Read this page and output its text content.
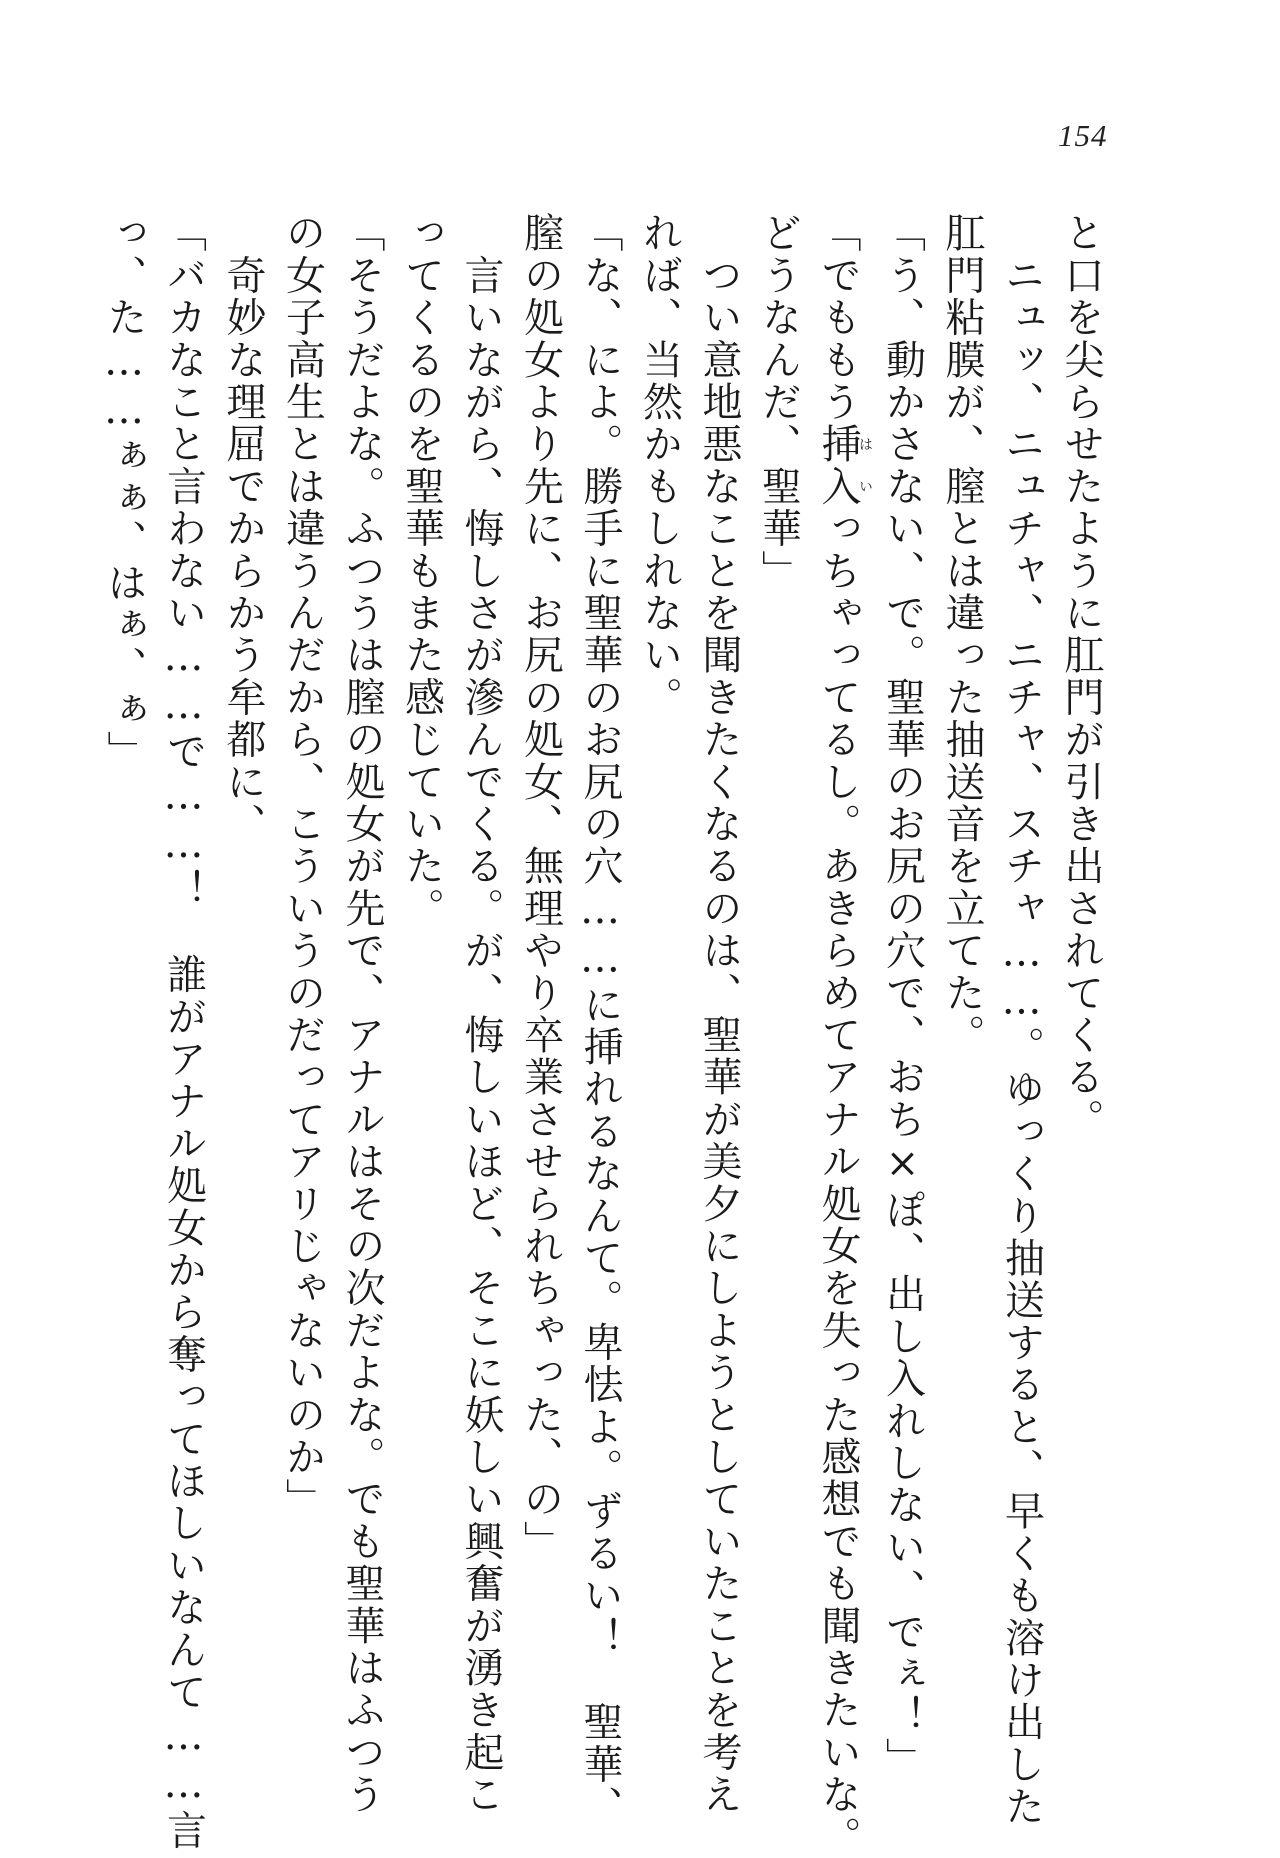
154
と口を尖らせたように肛門が引き出されてくる。
　ニュッ、ニュチャ、ニチャ、スチャ……。ゆっくり抽送すると、早くも溶け出した
肛門粘膜が、膣とは違った抽送音を立てた。
「う、動かさない、で。聖華のお尻の穴で、おち×ぽ、出し入れしない、でぇ！」
「でももう挿入はいっちゃってるし。あきらめてアナル処女を失った感想でも聞きたいな。
どうなんだ、聖華」
　つい意地悪なことを聞きたくなるのは、聖華が美夕にしようとしていたことを考え
れば、当然かもしれない。
「な、によ。勝手に聖華のお尻の穴……に挿れるなんて。卑怯よ。ずるい！　聖華、
膣の処女より先に、お尻の処女、無理やり卒業させられちゃった、の」
　言いながら、悔しさが滲んでくる。が、悔しいほど、そこに妖しい興奮が湧き起こ
ってくるのを聖華もまた感じていた。
「そうだよな。ふつうは膣の処女が先で、アナルはその次だよな。でも聖華はふつう
の女子高生とは違うんだから、こういうのだってアリじゃないのか」
　奇妙な理屈でからかう牟都に、
「バカなこと言わない……で……！　誰がアナル処女から奪ってほしいなんて……言
っ、た……ぁぁ、はぁ、ぁ」
